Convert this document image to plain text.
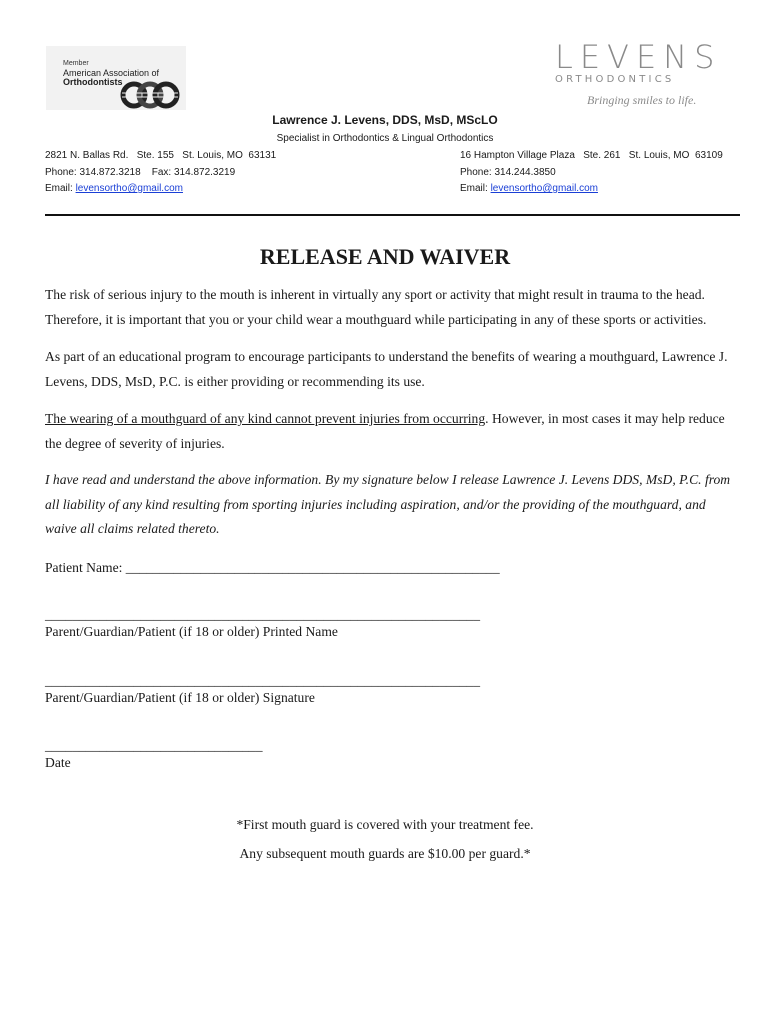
Member
American Association of
Orthodontists
LEVENS
ORTHODONTICS
Bringing smiles to life.
Lawrence J. Levens, DDS, MsD, MScLO
Specialist in Orthodontics & Lingual Orthodontics
2821 N. Ballas Rd.   Ste. 155   St. Louis, MO  63131
Phone: 314.872.3218    Fax: 314.872.3219
Email: levensortho@gmail.com
16 Hampton Village Plaza   Ste. 261   St. Louis, MO  63109
Phone: 314.244.3850
Email: levensortho@gmail.com
RELEASE AND WAIVER
The risk of serious injury to the mouth is inherent in virtually any sport or activity that might result in trauma to the head. Therefore, it is important that you or your child wear a mouthguard while participating in any of these sports or activities.
As part of an educational program to encourage participants to understand the benefits of wearing a mouthguard, Lawrence J. Levens, DDS, MsD, P.C. is either providing or recommending its use.
The wearing of a mouthguard of any kind cannot prevent injuries from occurring. However, in most cases it may help reduce the degree of severity of injuries.
I have read and understand the above information. By my signature below I release Lawrence J. Levens DDS, MsD, P.C. from all liability of any kind resulting from sporting injuries including aspiration, and/or the providing of the mouthguard, and waive all claims related thereto.
Patient Name: _______________________________________________________
________________________________________________________________
Parent/Guardian/Patient (if 18 or older) Printed Name
________________________________________________________________
Parent/Guardian/Patient (if 18 or older) Signature
________________________________
Date
*First mouth guard is covered with your treatment fee.
Any subsequent mouth guards are $10.00 per guard.*
